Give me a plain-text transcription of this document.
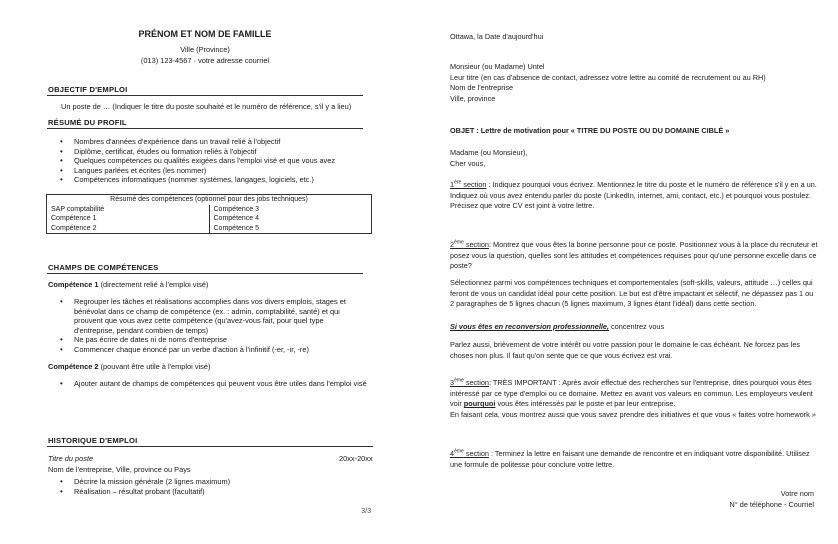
PRÉNOM ET NOM DE FAMILLE
Ville (Province)
(013) 123-4567 · votre adresse courriel
OBJECTIF D'EMPLOI
Un poste de … (Indiquer le titre du poste souhaité et le numéro de référence, s'il y a lieu)
RÉSUMÉ DU PROFIL
• Nombres d'années d'expérience dans un travail relié à l'objectif
• Diplôme, certificat, études ou formation reliés à l'objectif
• Quelques compétences ou qualités exigées dans l'emploi visé et que vous avez
• Langues parlées et écrites (les nommer)
• Compétences informatiques (nommer systèmes, langages, logiciels, etc.)
Résumé des compétences (optionnel pour des jobs techniques)	
SAP comptabilité	Compétence 3
Compétence 1	Compétence 4
Compétence 2	Compétence 5
CHAMPS DE COMPÉTENCES
Compétence 1 (directement relié à l'emploi visé)
• Regrouper les tâches et réalisations accomplies dans vos divers emplois, stages et bénévolat dans ce champ de compétence (ex. : admin, comptabilité, santé) et qui prouvent que vous avez cette compétence (qu'avez-vous fait, pour quel type d'entreprise, pendant combien de temps)
• Ne pas écrire de dates ni de noms d'entreprise
• Commencer chaque énoncé par un verbe d'action à l'infinitif (-er, -ir, -re)
Compétence 2 (pouvant être utile à l'emploi visé)
• Ajouter autant de champs de compétences qui peuvent vous être utiles dans l'emploi visé
HISTORIQUE D'EMPLOI
Titre du poste	20xx-20xx
Nom de l'entreprise, Ville, province ou Pays
• Décrire la mission générale (2 lignes maximum)
• Réalisation – résultat probant (facultatif)
3/3
Ottawa, la Date d'aujourd'hui
Monsieur (ou Madame) Untel
Leur titre (en cas d'absence de contact, adressez votre lettre au comité de recrutement ou au RH)
Nom de l'entreprise
Ville, province
OBJET : Lettre de motivation pour « TITRE DU POSTE OU DU DOMAINE CIBLÉ »
Madame (ou Monsieur),
Cher vous,
1ère section : Indiquez pourquoi vous écrivez. Mentionnez le titre du poste et le numéro de référence s'il y en a un. Indiquez où vous avez entendu parler du poste (LinkedIn, internet, ami, contact, etc.) et pourquoi vous postulez. Précisez que votre CV est joint à votre lettre.
2ème section: Montrez que vous êtes la bonne personne pour ce poste. Positionnez vous à la place du recruteur et posez vous la question, quelles sont les attitudes et compétences requises pour qu'une personne excelle dans ce poste?
Sélectionnez parmi vos compétences techniques et comportementales (soft-skills, valeurs, attitude …) celles qui feront de vous un candidat idéal pour cette position. Le but est d'être impactant et sélectif, ne dépassez pas 1 ou 2 paragraphes de 5 lignes chacun (5 lignes maximum, 3 lignes étant l'idéal) dans cette section.
Si vous êtes en reconversion professionnelle, concentrez vous
Parlez aussi, brièvement de votre intérêt ou votre passion pour le domaine le cas échéant. Ne forcez pas les choses non plus. Il faut qu'on sente que ce que vous écrivez est vrai.
3ème section: TRÈS IMPORTANT : Après avoir effectué des recherches sur l'entreprise, dites pourquoi vous êtes intéressé par ce type d'emploi ou ce domaine. Mettez en avant vos valeurs en commun. Les employeurs veulent voir pourquoi vous êtes intéressés par le poste et par leur entreprise.
En faisant cela, vous montrez aussi que vous savez prendre des initiatives et que vous « faites votre homework »
4ème section : Terminez la lettre en faisant une demande de rencontre et en indiquant votre disponibilité. Utilisez une formule de politesse pour conclure votre lettre.
Votre nom
N° de téléphone - Courriel
